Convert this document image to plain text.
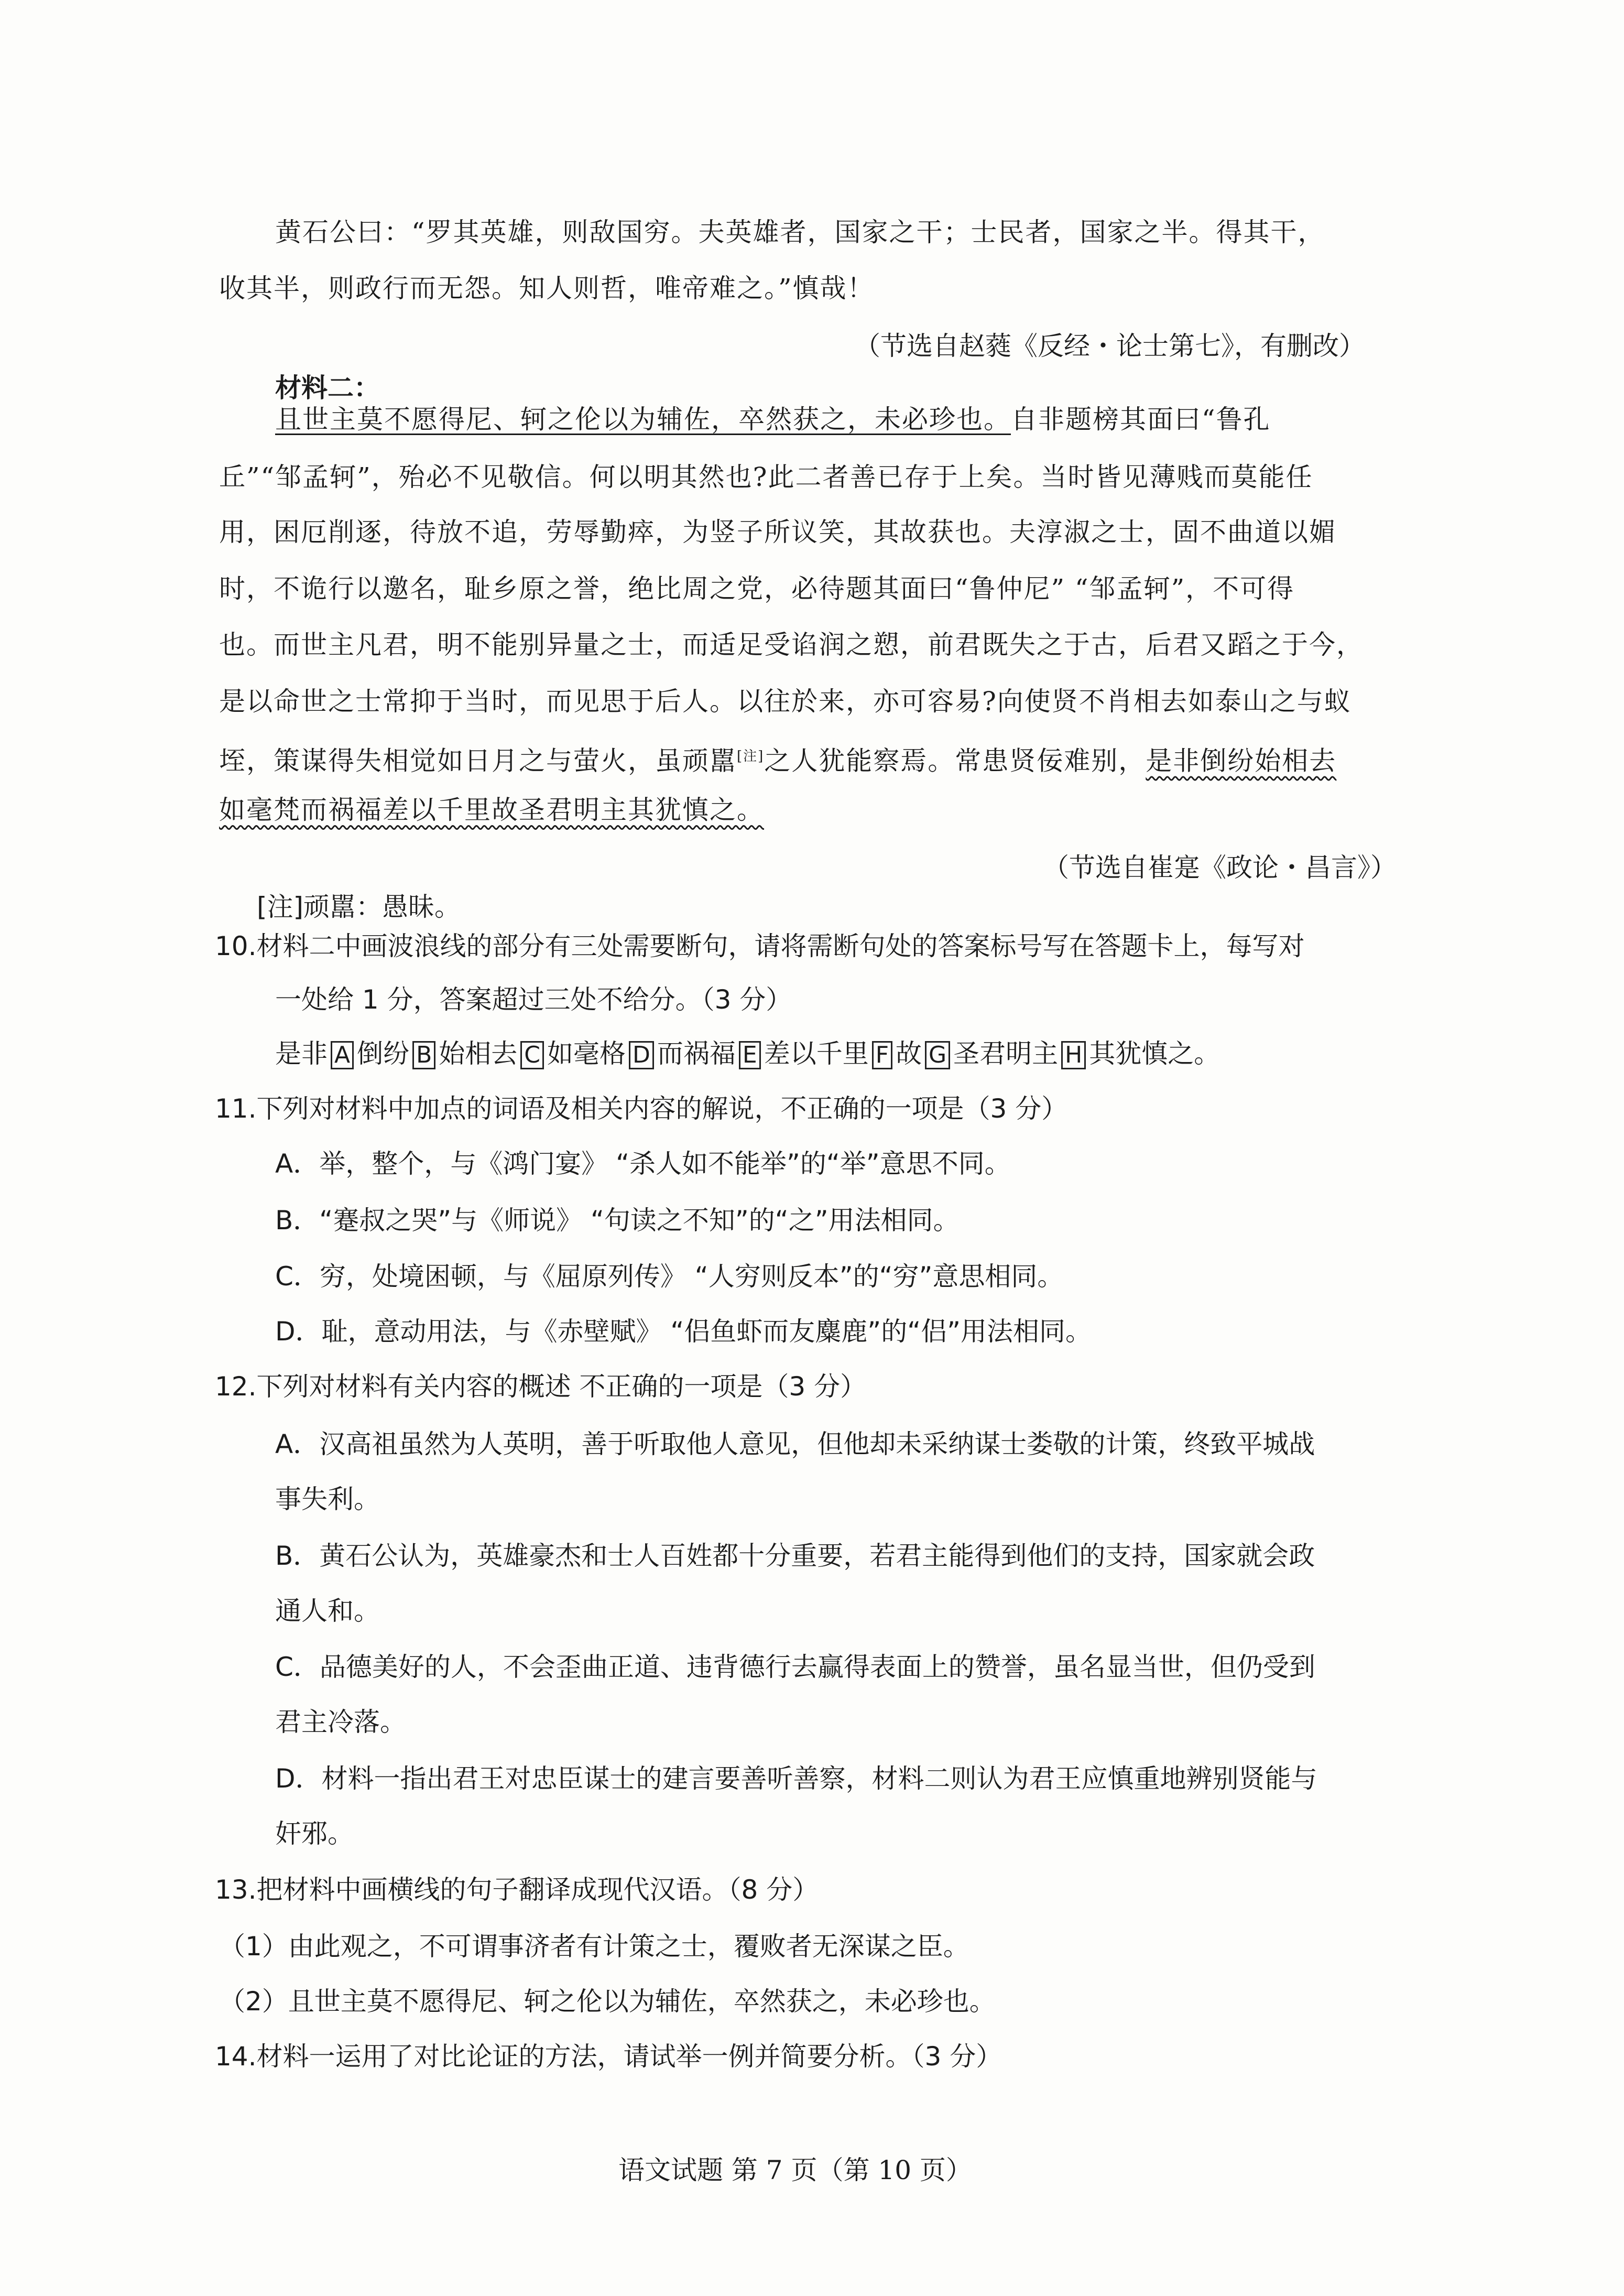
黄石公曰：“罗其英雄，则敌国穷。夫英雄者，国家之干；士民者，国家之半。得其干，
收其半，则政行而无怨。知人则哲，唯帝难之。”慎哉！
（节选自赵蕤《反经・论士第七》，有删改）
材料二：
且世主莫不愿得尼、轲之伦以为辅佐，卒然获之，未必珍也。自非题榜其面曰“鲁孔
丘”“邹孟轲”，殆必不见敬信。何以明其然也?此二者善已存于上矣。当时皆见薄贱而莫能任
用，困厄削逐，待放不追，劳辱勤瘁，为竖子所议笑，其故获也。夫淳淑之士，固不曲道以媚
时，不诡行以邀名，耻乡原之誉，绝比周之党，必待题其面曰“鲁仲尼” “邹孟轲”，不可得
也。而世主凡君，明不能别异量之士，而适足受谄润之愬，前君既失之于古，后君又蹈之于今，
是以命世之士常抑于当时，而见思于后人。以往於来，亦可容易?向使贤不肖相去如泰山之与蚁
垤，策谋得失相觉如日月之与萤火，虽顽嚚[注]之人犹能察焉。常患贤佞难别，是非倒纷始相去
如毫梵而祸福差以千里故圣君明主其犹慎之。
（节选自崔寔《政论・昌言》）
[注]顽嚚：愚昧。
10.材料二中画波浪线的部分有三处需要断句，请将需断句处的答案标号写在答题卡上，每写对
一处给 1 分，答案超过三处不给分。（3 分）
是非 A 倒纷 B 始相去 C 如毫格 D 而祸福 E 差以千里 F 故 G 圣君明主 H 其犹慎之。
11.下列对材料中加点的词语及相关内容的解说，不正确的一项是（3 分）
A．举，整个，与《鸿门宴》 “杀人如不能举”的“举”意思不同。
B．“蹇叔之哭”与《师说》 “句读之不知”的“之”用法相同。
C．穷，处境困顿，与《屈原列传》 “人穷则反本”的“穷”意思相同。
D．耻，意动用法，与《赤壁赋》 “侣鱼虾而友麋鹿”的“侣”用法相同。
12.下列对材料有关内容的概述 不正确的一项是（3 分）
A．汉高祖虽然为人英明，善于听取他人意见，但他却未采纳谋士娄敬的计策，终致平城战
事失利。
B．黄石公认为，英雄豪杰和士人百姓都十分重要，若君主能得到他们的支持，国家就会政
通人和。
C．品德美好的人，不会歪曲正道、违背德行去赢得表面上的赞誉，虽名显当世，但仍受到
君主冷落。
D．材料一指出君王对忠臣谋士的建言要善听善察，材料二则认为君王应慎重地辨别贤能与
奸邪。
13.把材料中画横线的句子翻译成现代汉语。（8 分）
（1）由此观之，不可谓事济者有计策之士，覆败者无深谋之臣。
（2）且世主莫不愿得尼、轲之伦以为辅佐，卒然获之，未必珍也。
14.材料一运用了对比论证的方法，请试举一例并简要分析。（3 分）
语文试题 第 7 页（第 10 页）
